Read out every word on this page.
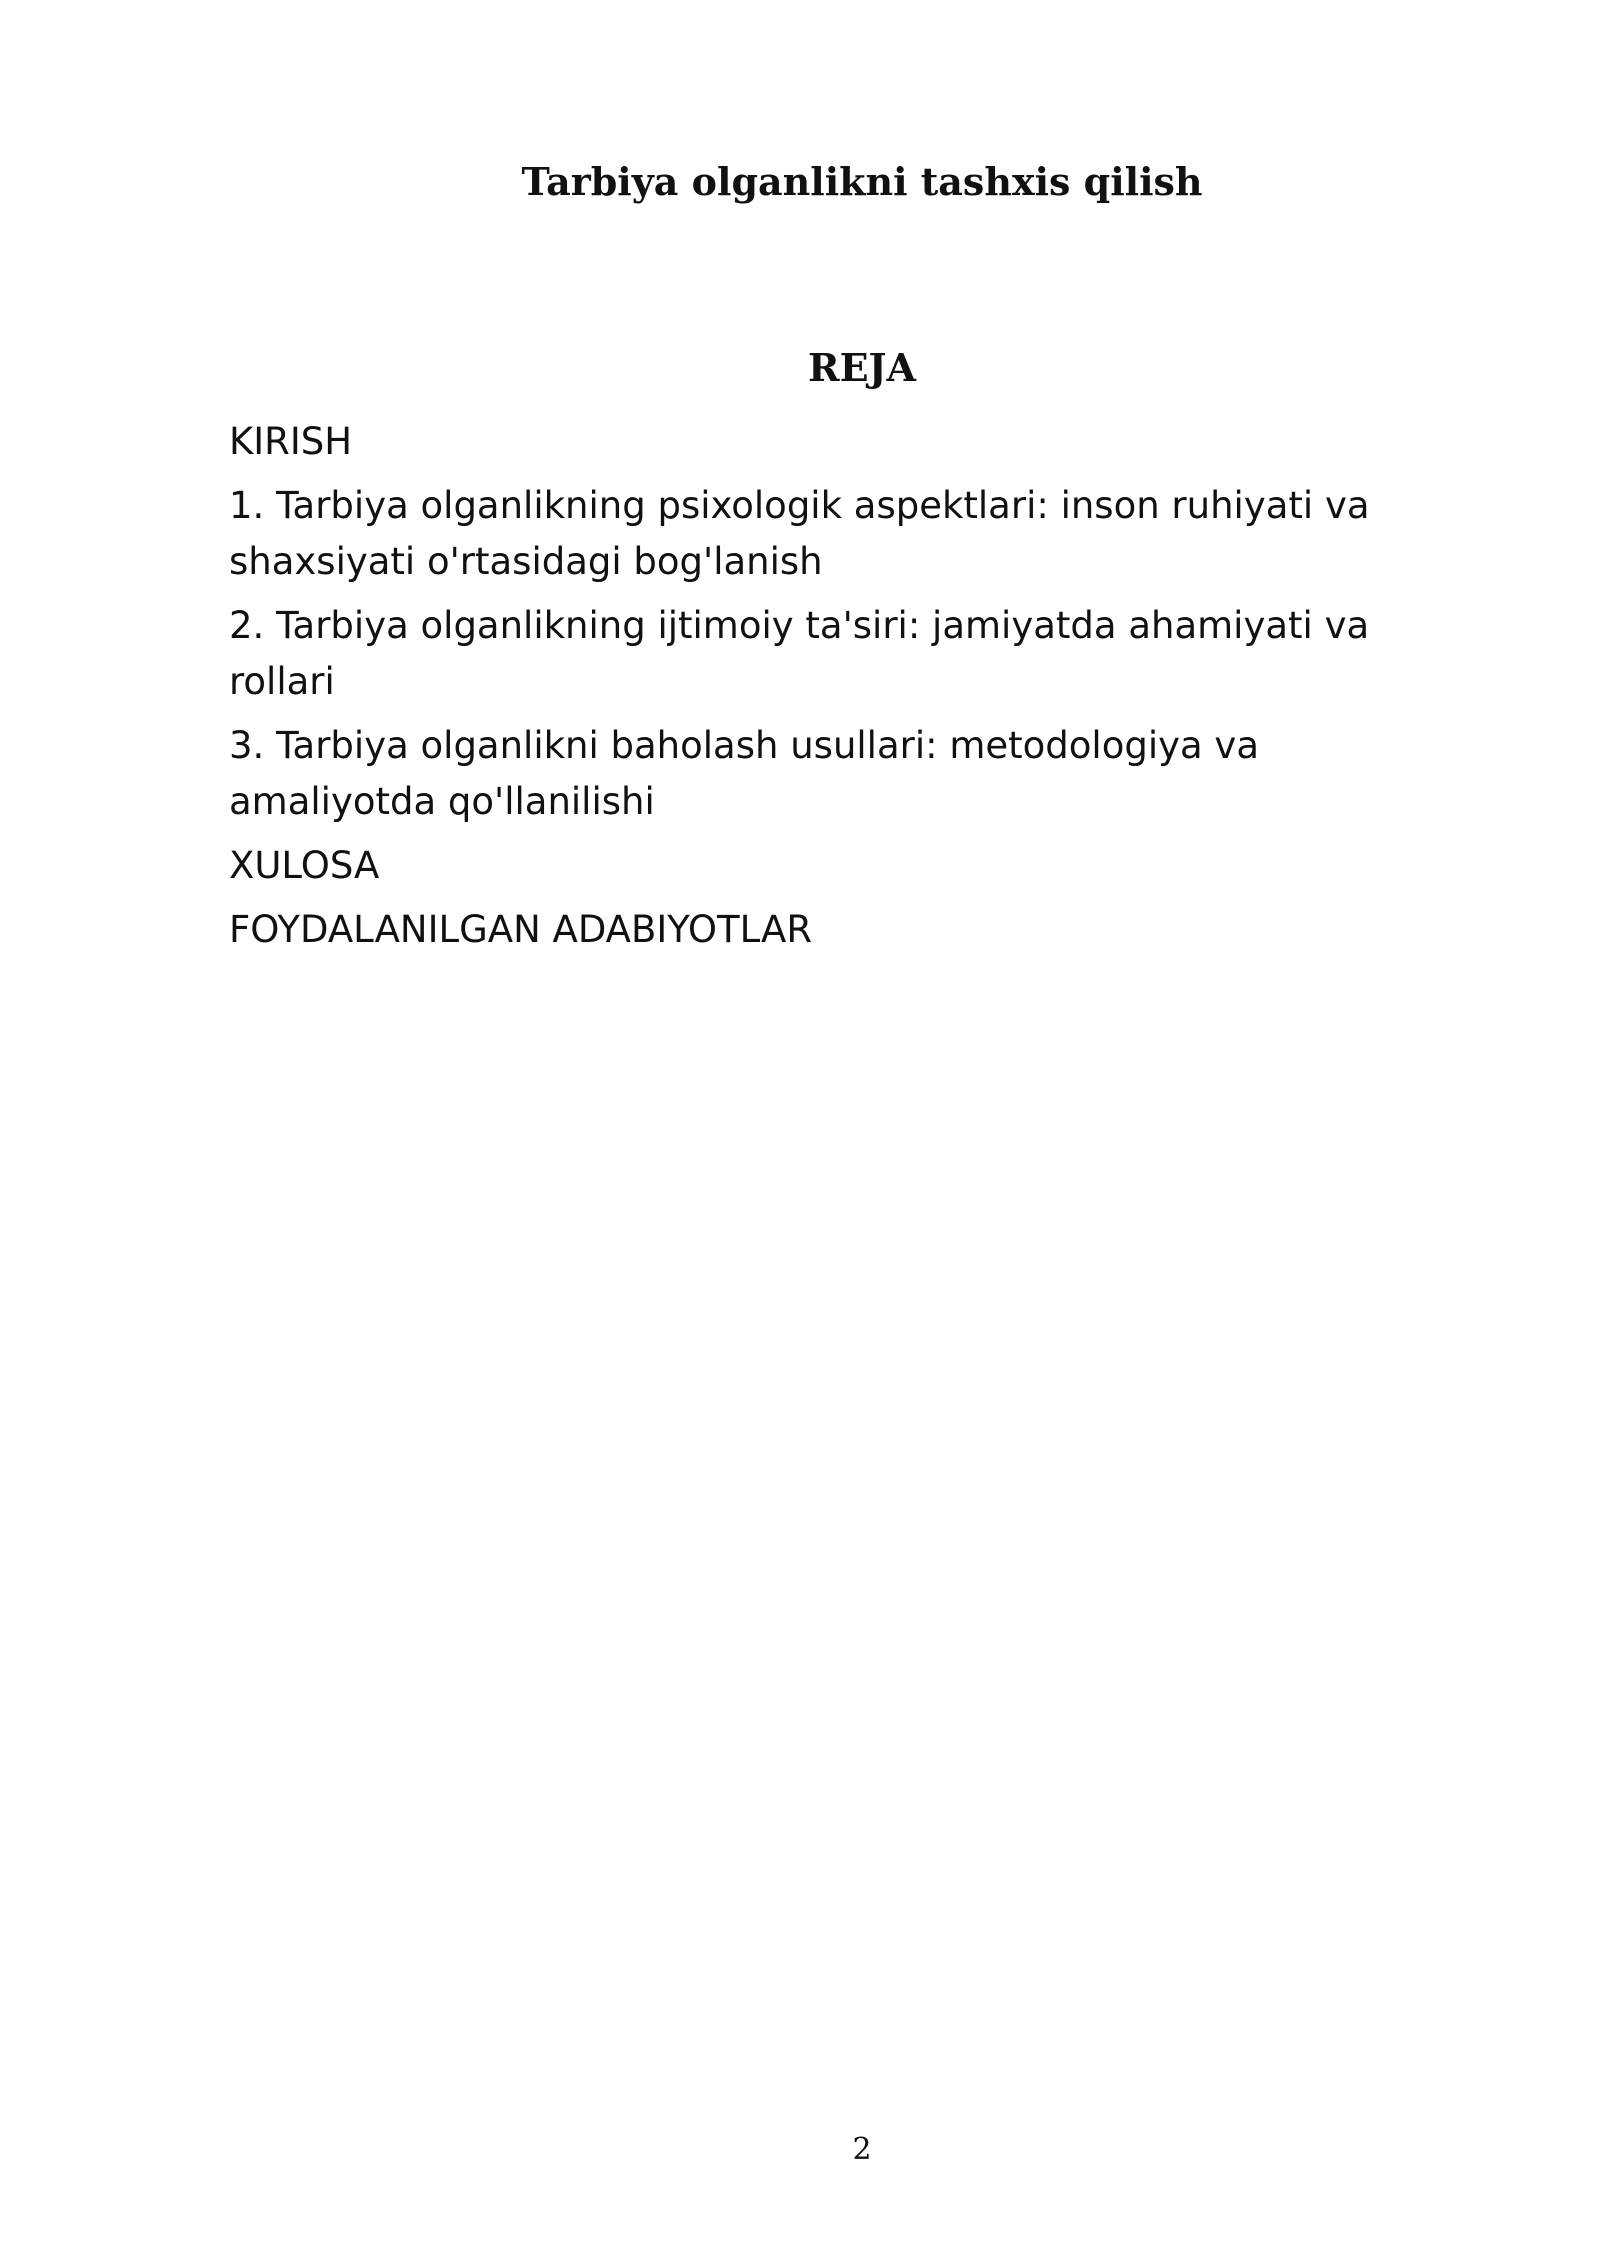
Tarbiya olganlikni tashxis qilish
REJA
KIRISH
1. Tarbiya olganlikning psixologik aspektlari: inson ruhiyati va
shaxsiyati o'rtasidagi bog'lanish
2. Tarbiya olganlikning ijtimoiy ta'siri: jamiyatda ahamiyati va
rollari
3. Tarbiya olganlikni baholash usullari: metodologiya va
amaliyotda qo'llanilishi
XULOSA
FOYDALANILGAN ADABIYOTLAR
2
